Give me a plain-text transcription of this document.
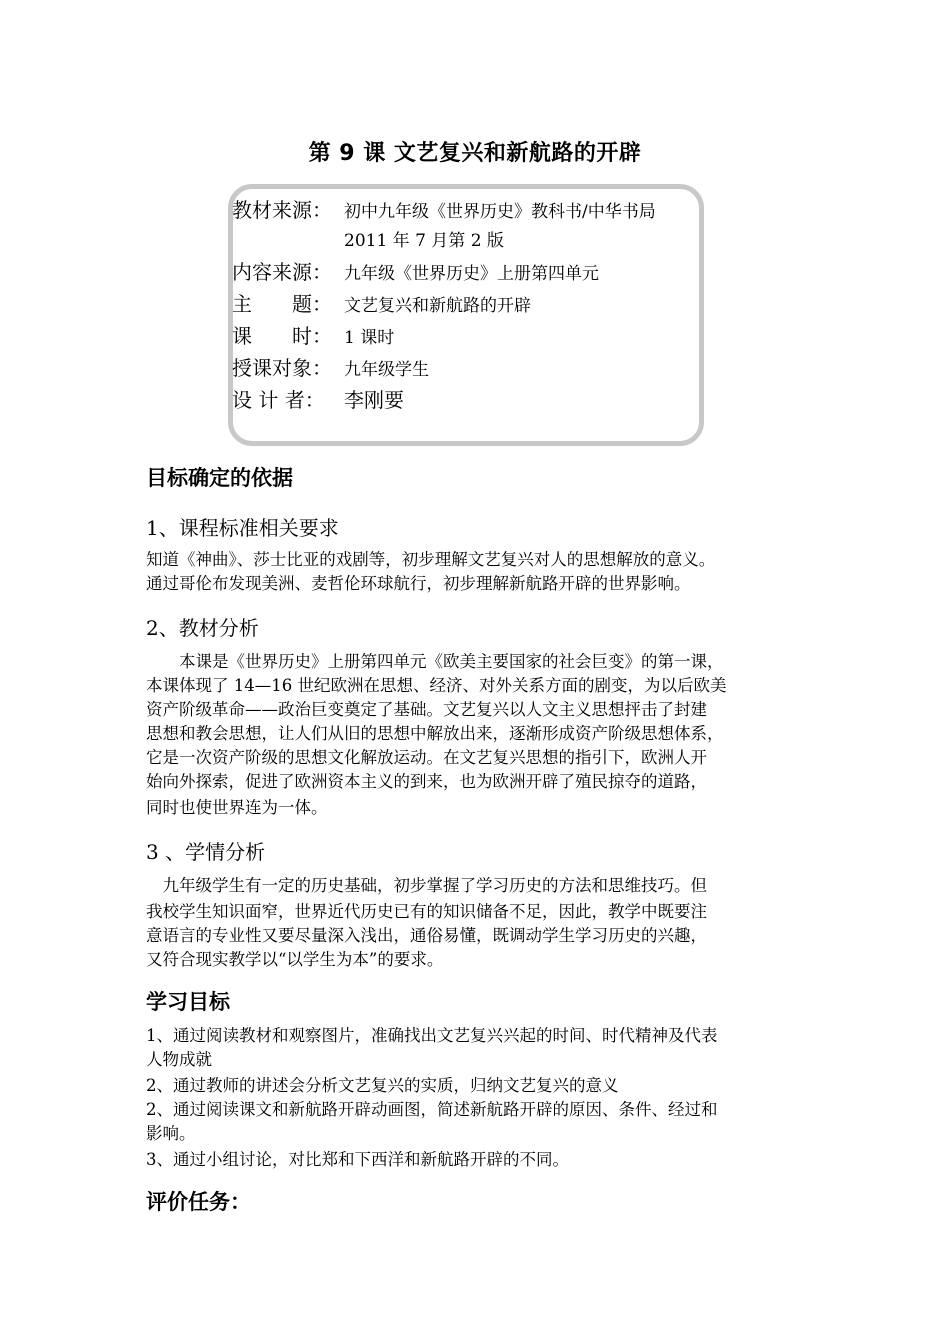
第 9 课 文艺复兴和新航路的开辟
教材来源： 初中九年级《世界历史》教科书/中华书局
2011 年 7 月第 2 版
内容来源： 九年级《世界历史》上册第四单元
主　　题： 文艺复兴和新航路的开辟
课　　时： 1 课时
授课对象： 九年级学生
设 计 者： 李刚要
目标确定的依据
1、课程标准相关要求
知道《神曲》、莎士比亚的戏剧等，初步理解文艺复兴对人的思想解放的意义。
通过哥伦布发现美洲、麦哲伦环球航行，初步理解新航路开辟的世界影响。
2、教材分析
　　本课是《世界历史》上册第四单元《欧美主要国家的社会巨变》的第一课，
本课体现了 14—16 世纪欧洲在思想、经济、对外关系方面的剧变，为以后欧美
资产阶级革命——政治巨变奠定了基础。文艺复兴以人文主义思想抨击了封建
思想和教会思想，让人们从旧的思想中解放出来，逐渐形成资产阶级思想体系，
它是一次资产阶级的思想文化解放运动。在文艺复兴思想的指引下，欧洲人开
始向外探索，促进了欧洲资本主义的到来，也为欧洲开辟了殖民掠夺的道路，
同时也使世界连为一体。
3 、学情分析
　九年级学生有一定的历史基础，初步掌握了学习历史的方法和思维技巧。但
我校学生知识面窄，世界近代历史已有的知识储备不足，因此，教学中既要注
意语言的专业性又要尽量深入浅出，通俗易懂，既调动学生学习历史的兴趣，
又符合现实教学以“以学生为本”的要求。
学习目标
1、通过阅读教材和观察图片，准确找出文艺复兴兴起的时间、时代精神及代表
人物成就
2、通过教师的讲述会分析文艺复兴的实质，归纳文艺复兴的意义
2、通过阅读课文和新航路开辟动画图，简述新航路开辟的原因、条件、经过和
影响。
3、通过小组讨论，对比郑和下西洋和新航路开辟的不同。
评价任务：
